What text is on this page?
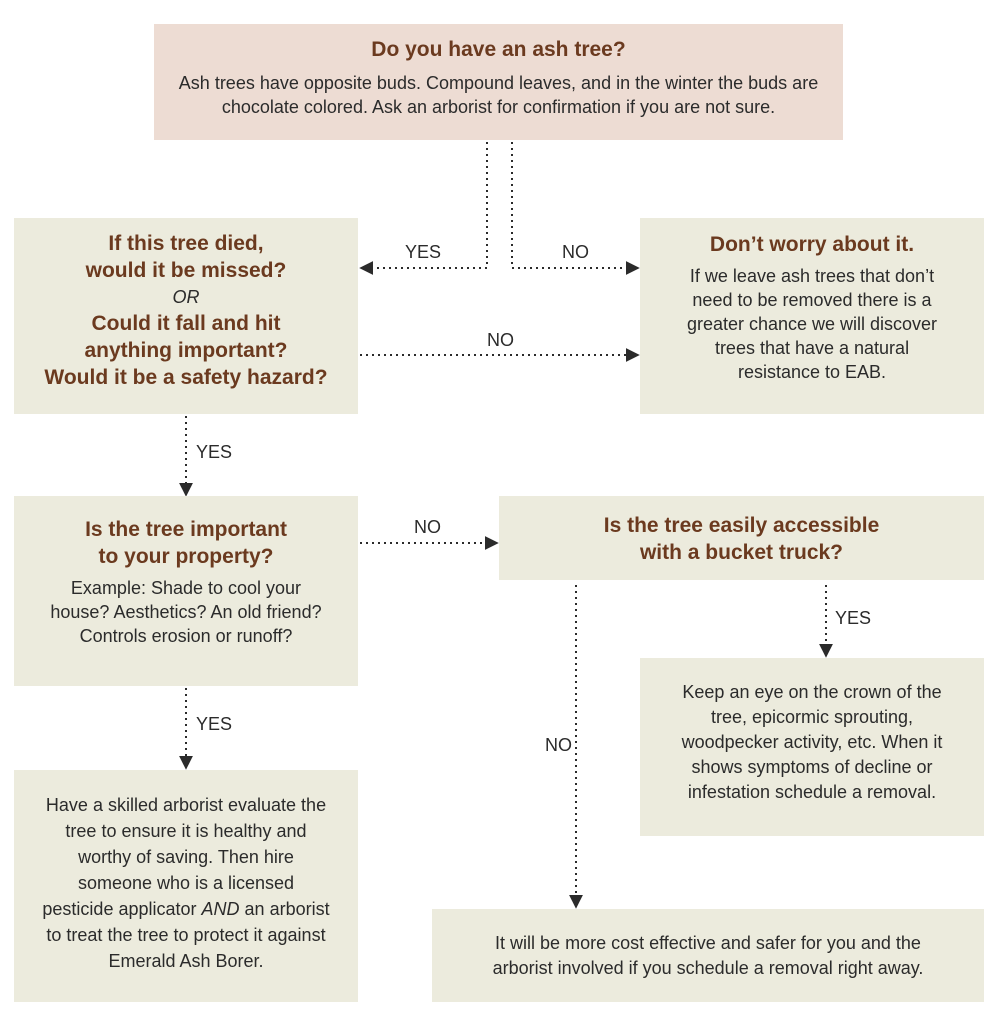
Do you have an ash tree?
Ash trees have opposite buds. Compound leaves, and in the winter the buds are chocolate colored. Ask an arborist for confirmation if you are not sure.
If this tree died,
would it be missed?
OR
Could it fall and hit
anything important?
Would it be a safety hazard?
Don’t worry about it.
If we leave ash trees that don’t need to be removed there is a greater chance we will discover trees that have a natural resistance to EAB.
Is the tree important
to your property?
Example: Shade to cool your house? Aesthetics? An old friend? Controls erosion or runoff?
Is the tree easily accessible
with a bucket truck?
Keep an eye on the crown of the tree, epicormic sprouting, woodpecker activity, etc. When it shows symptoms of decline or infestation schedule a removal.
Have a skilled arborist evaluate the tree to ensure it is healthy and worthy of saving. Then hire someone who is a licensed pesticide applicator AND an arborist to treat the tree to protect it against Emerald Ash Borer.
It will be more cost effective and safer for you and the arborist involved if you schedule a removal right away.
YES	NO
NO
YES
NO
YES
YES
NO
